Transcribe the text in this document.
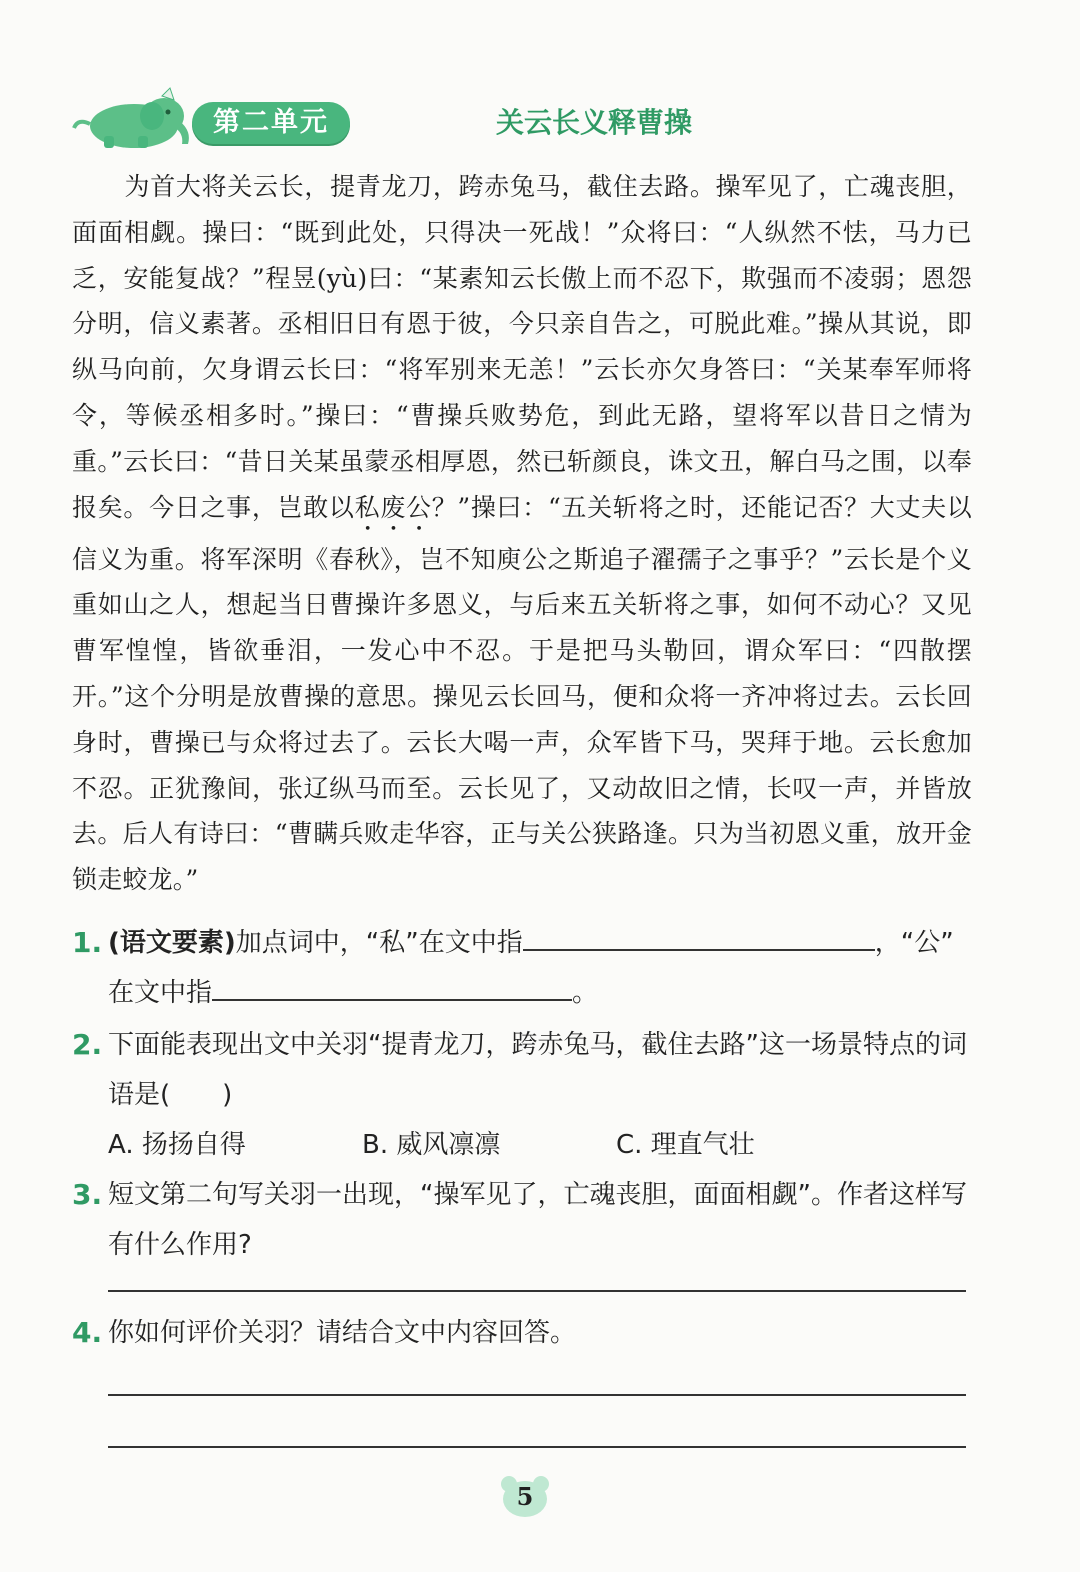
第二单元	关云长义释曹操

为首大将关云长，提青龙刀，跨赤兔马，截住去路。操军见了，亡魂丧胆，面面相觑。操曰：“既到此处，只得决一死战！”众将曰：“人纵然不怯，马力已乏，安能复战？”程昱(yù)曰：“某素知云长傲上而不忍下，欺强而不凌弱；恩怨分明，信义素著。丞相旧日有恩于彼，今只亲自告之，可脱此难。”操从其说，即纵马向前，欠身谓云长曰：“将军别来无恙！”云长亦欠身答曰：“关某奉军师将令，等候丞相多时。”操曰：“曹操兵败势危，到此无路，望将军以昔日之情为重。”云长曰：“昔日关某虽蒙丞相厚恩，然已斩颜良，诛文丑，解白马之围，以奉报矣。今日之事，岂敢以私废公？”操曰：“五关斩将之时，还能记否？大丈夫以信义为重。将军深明《春秋》，岂不知庾公之斯追子濯孺子之事乎？”云长是个义重如山之人，想起当日曹操许多恩义，与后来五关斩将之事，如何不动心？又见曹军惶惶，皆欲垂泪，一发心中不忍。于是把马头勒回，谓众军曰：“四散摆开。”这个分明是放曹操的意思。操见云长回马，便和众将一齐冲将过去。云长回身时，曹操已与众将过去了。云长大喝一声，众军皆下马，哭拜于地。云长愈加不忍。正犹豫间，张辽纵马而至。云长见了，又动故旧之情，长叹一声，并皆放去。后人有诗曰：“曹瞒兵败走华容，正与关公狭路逢。只为当初恩义重，放开金锁走蛟龙。”

1. (语文要素)加点词中，“私”在文中指	，“公”
在文中指	。
2. 下面能表现出文中关羽“提青龙刀，跨赤兔马，截住去路”这一场景特点的词语是(　　)
A. 扬扬自得	B. 威风凛凛	C. 理直气壮
3. 短文第二句写关羽一出现，“操军见了，亡魂丧胆，面面相觑”。作者这样写有什么作用?
4. 你如何评价关羽？请结合文中内容回答。
5
